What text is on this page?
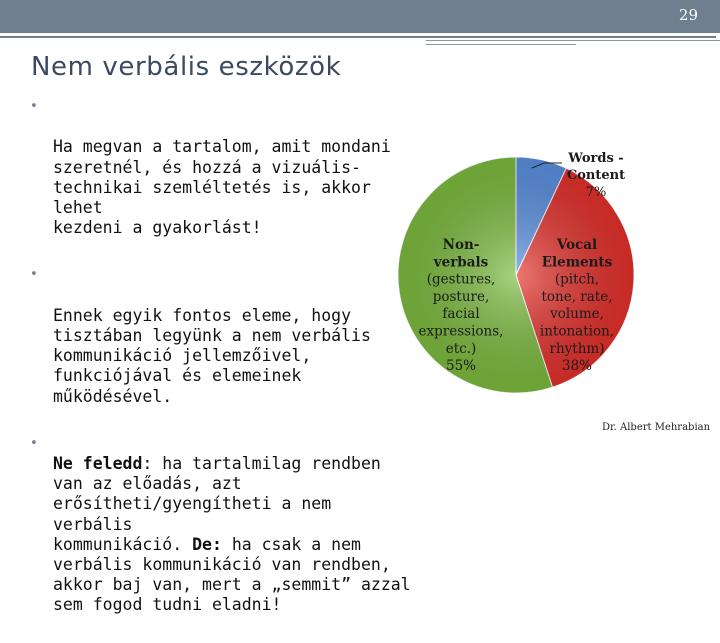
29
Nem verbális eszközök

•

Ha megvan a tartalom, amit mondani
szeretnél, és hozzá a vizuális-
technikai szemléltetés is, akkor lehet
kezdeni a gyakorlást!

•

Ennek egyik fontos eleme, hogy
tisztában legyünk a nem verbális
kommunikáció jellemzőivel,
funkciójával és elemeinek
működésével.

•
Ne feledd: ha tartalmilag rendben
van az előadás, azt
erősítheti/gyengítheti a nem verbális
kommunikáció. De: ha csak a nem
verbális kommunikáció van rendben,
akkor baj van, mert a „semmit” azzal
sem fogod tudni eladni!

Words -Content 7%
Vocal Elements (pitch, tone, rate, volume, intonation, rhythm) 38%
Non-verbals (gestures, posture, facial expressions, etc.) 55%
Dr. Albert Mehrabian
